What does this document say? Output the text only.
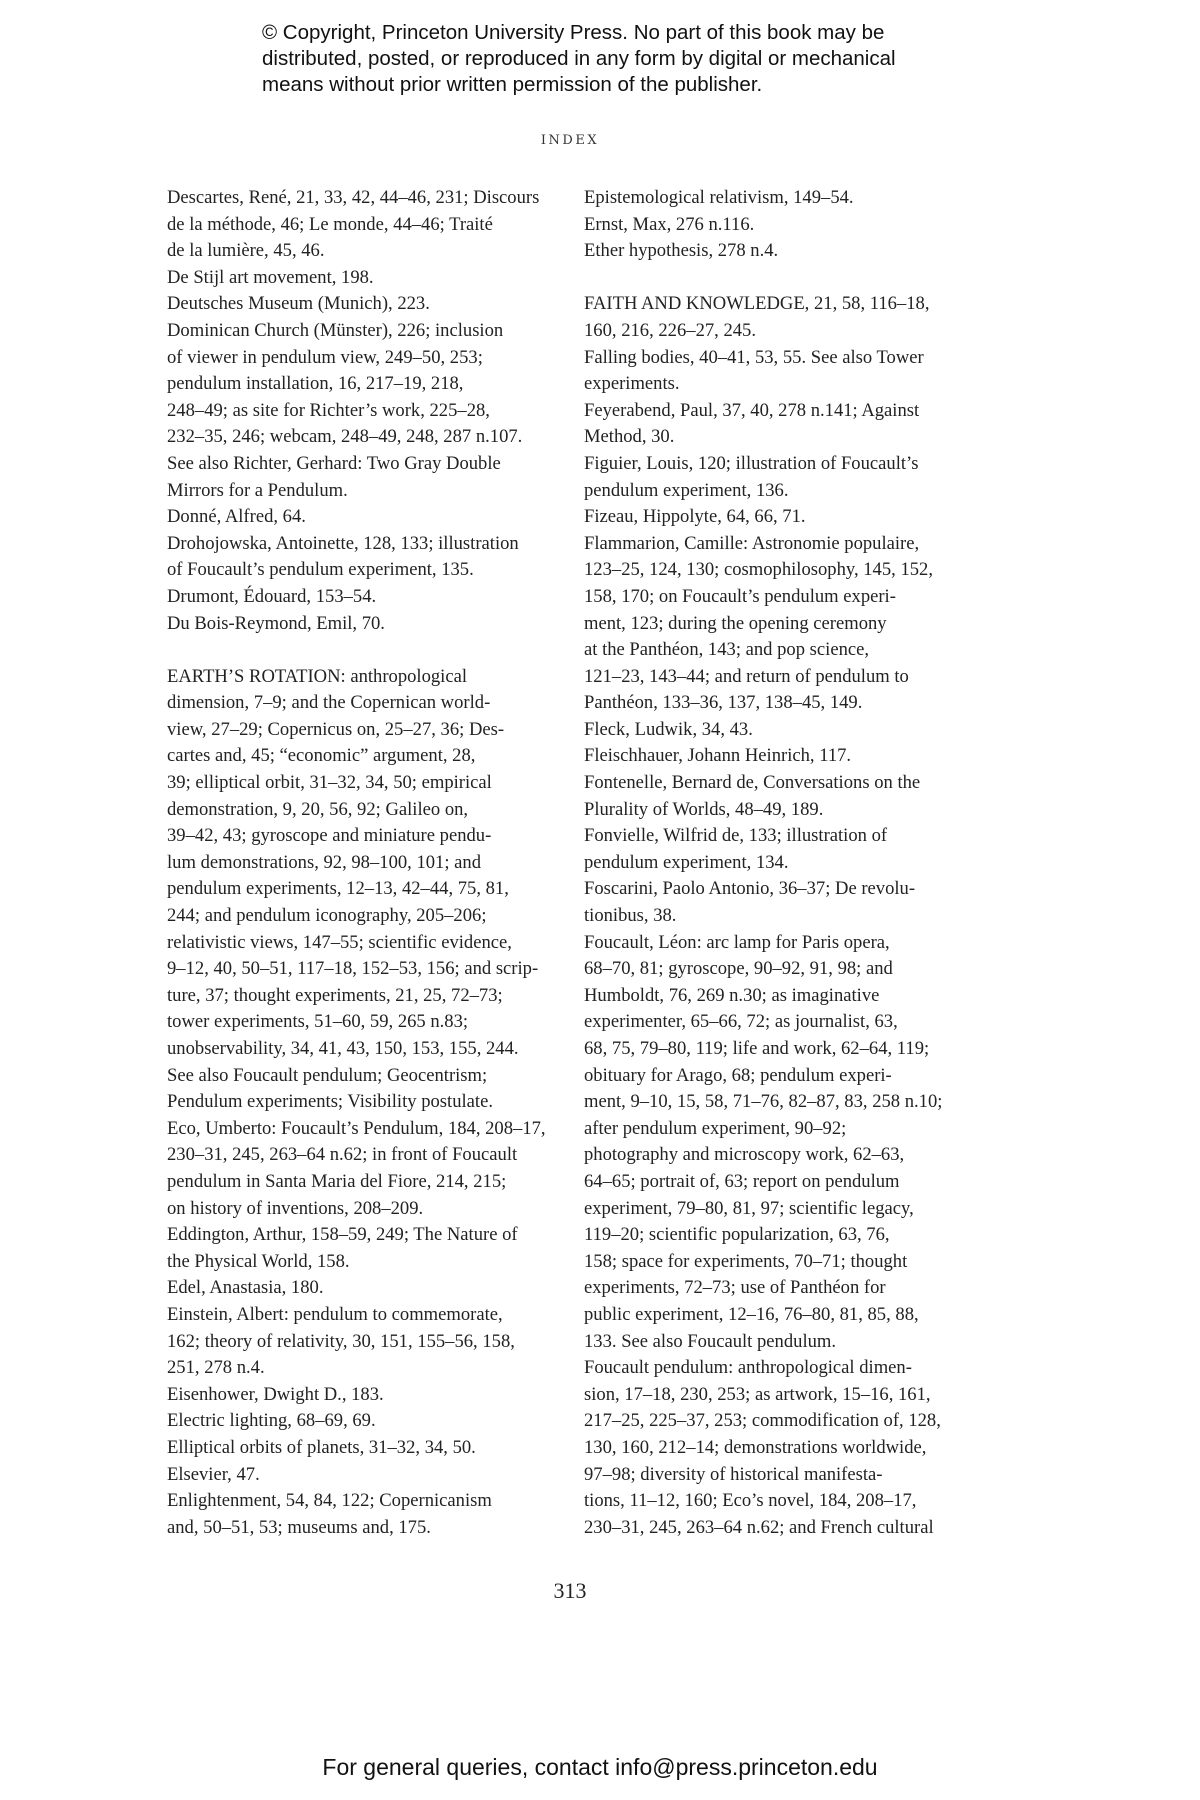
© Copyright, Princeton University Press. No part of this book may be
distributed, posted, or reproduced in any form by digital or mechanical
means without prior written permission of the publisher.
INDEX
Descartes, René, 21, 33, 42, 44–46, 231; Discours
de la méthode, 46; Le monde, 44–46; Traité
de la lumière, 45, 46.
De Stijl art movement, 198.
Deutsches Museum (Munich), 223.
Dominican Church (Münster), 226; inclusion
of viewer in pendulum view, 249–50, 253;
pendulum installation, 16, 217–19, 218,
248–49; as site for Richter’s work, 225–28,
232–35, 246; webcam, 248–49, 248, 287 n.107.
See also Richter, Gerhard: Two Gray Double
Mirrors for a Pendulum.
Donné, Alfred, 64.
Drohojowska, Antoinette, 128, 133; illustration
of Foucault’s pendulum experiment, 135.
Drumont, Édouard, 153–54.
Du Bois-Reymond, Emil, 70.
EARTH’S ROTATION: anthropological
dimension, 7–9; and the Copernican world-
view, 27–29; Copernicus on, 25–27, 36; Des-
cartes and, 45; “economic” argument, 28,
39; elliptical orbit, 31–32, 34, 50; empirical
demonstration, 9, 20, 56, 92; Galileo on,
39–42, 43; gyroscope and miniature pendu-
lum demonstrations, 92, 98–100, 101; and
pendulum experiments, 12–13, 42–44, 75, 81,
244; and pendulum iconography, 205–206;
relativistic views, 147–55; scientific evidence,
9–12, 40, 50–51, 117–18, 152–53, 156; and scrip-
ture, 37; thought experiments, 21, 25, 72–73;
tower experiments, 51–60, 59, 265 n.83;
unobservability, 34, 41, 43, 150, 153, 155, 244.
See also Foucault pendulum; Geocentrism;
Pendulum experiments; Visibility postulate.
Eco, Umberto: Foucault’s Pendulum, 184, 208–17,
230–31, 245, 263–64 n.62; in front of Foucault
pendulum in Santa Maria del Fiore, 214, 215;
on history of inventions, 208–209.
Eddington, Arthur, 158–59, 249; The Nature of
the Physical World, 158.
Edel, Anastasia, 180.
Einstein, Albert: pendulum to commemorate,
162; theory of relativity, 30, 151, 155–56, 158,
251, 278 n.4.
Eisenhower, Dwight D., 183.
Electric lighting, 68–69, 69.
Elliptical orbits of planets, 31–32, 34, 50.
Elsevier, 47.
Enlightenment, 54, 84, 122; Copernicanism
and, 50–51, 53; museums and, 175.
Epistemological relativism, 149–54.
Ernst, Max, 276 n.116.
Ether hypothesis, 278 n.4.
FAITH AND KNOWLEDGE, 21, 58, 116–18,
160, 216, 226–27, 245.
Falling bodies, 40–41, 53, 55. See also Tower
experiments.
Feyerabend, Paul, 37, 40, 278 n.141; Against
Method, 30.
Figuier, Louis, 120; illustration of Foucault’s
pendulum experiment, 136.
Fizeau, Hippolyte, 64, 66, 71.
Flammarion, Camille: Astronomie populaire,
123–25, 124, 130; cosmophilosophy, 145, 152,
158, 170; on Foucault’s pendulum experi-
ment, 123; during the opening ceremony
at the Panthéon, 143; and pop science,
121–23, 143–44; and return of pendulum to
Panthéon, 133–36, 137, 138–45, 149.
Fleck, Ludwik, 34, 43.
Fleischhauer, Johann Heinrich, 117.
Fontenelle, Bernard de, Conversations on the
Plurality of Worlds, 48–49, 189.
Fonvielle, Wilfrid de, 133; illustration of
pendulum experiment, 134.
Foscarini, Paolo Antonio, 36–37; De revolu-
tionibus, 38.
Foucault, Léon: arc lamp for Paris opera,
68–70, 81; gyroscope, 90–92, 91, 98; and
Humboldt, 76, 269 n.30; as imaginative
experimenter, 65–66, 72; as journalist, 63,
68, 75, 79–80, 119; life and work, 62–64, 119;
obituary for Arago, 68; pendulum experi-
ment, 9–10, 15, 58, 71–76, 82–87, 83, 258 n.10;
after pendulum experiment, 90–92;
photography and microscopy work, 62–63,
64–65; portrait of, 63; report on pendulum
experiment, 79–80, 81, 97; scientific legacy,
119–20; scientific popularization, 63, 76,
158; space for experiments, 70–71; thought
experiments, 72–73; use of Panthéon for
public experiment, 12–16, 76–80, 81, 85, 88,
133. See also Foucault pendulum.
Foucault pendulum: anthropological dimen-
sion, 17–18, 230, 253; as artwork, 15–16, 161,
217–25, 225–37, 253; commodification of, 128,
130, 160, 212–14; demonstrations worldwide,
97–98; diversity of historical manifesta-
tions, 11–12, 160; Eco’s novel, 184, 208–17,
230–31, 245, 263–64 n.62; and French cultural
313
For general queries, contact info@press.princeton.edu
